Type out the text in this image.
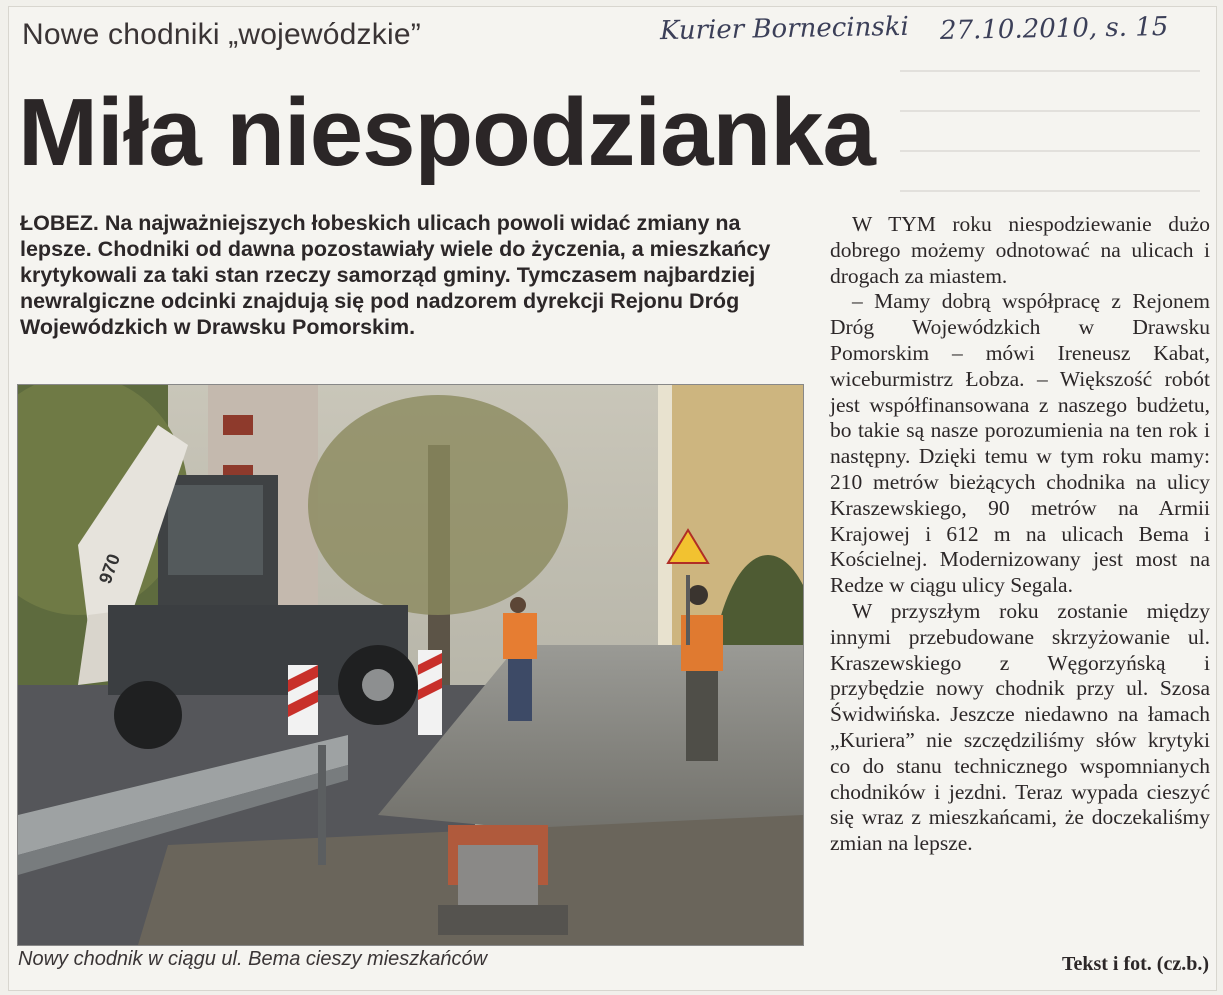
Nowe chodniki „wojewódzkie”	Kurier Bornecinski 27.10.2010, s. 15
Miła niespodzianka
ŁOBEZ. Na najważniejszych łobeskich ulicach powoli widać zmiany na lepsze. Chodniki od dawna pozostawiały wiele do życzenia, a mieszkańcy krytykowali za taki stan rzeczy samorząd gminy. Tymczasem najbardziej newralgiczne odcinki znajdują się pod nadzorem dyrekcji Rejonu Dróg Wojewódzkich w Drawsku Pomorskim.
970
Nowy chodnik w ciągu ul. Bema cieszy mieszkańców

W TYM roku niespodziewanie dużo dobrego możemy odnotować na ulicach i drogach za miastem.

– Mamy dobrą współpracę z Rejonem Dróg Wojewódzkich w Drawsku Pomorskim – mówi Ireneusz Kabat, wiceburmistrz Łobza. – Większość robót jest współfinansowana z naszego budżetu, bo takie są nasze porozumienia na ten rok i następny. Dzięki temu w tym roku mamy: 210 metrów bieżących chodnika na ulicy Kraszewskiego, 90 metrów na Armii Krajowej i 612 m na ulicach Bema i Kościelnej. Modernizowany jest most na Redze w ciągu ulicy Segala.

W przyszłym roku zostanie między innymi przebudowane skrzyżowanie ul. Kraszewskiego z Węgorzyńską i przybędzie nowy chodnik przy ul. Szosa Świdwińska. Jeszcze niedawno na łamach „Kuriera” nie szczędziliśmy słów krytyki co do stanu technicznego wspomnianych chodników i jezdni. Teraz wypada cieszyć się wraz z mieszkańcami, że doczekaliśmy zmian na lepsze.

Tekst i fot. (cz.b.)
